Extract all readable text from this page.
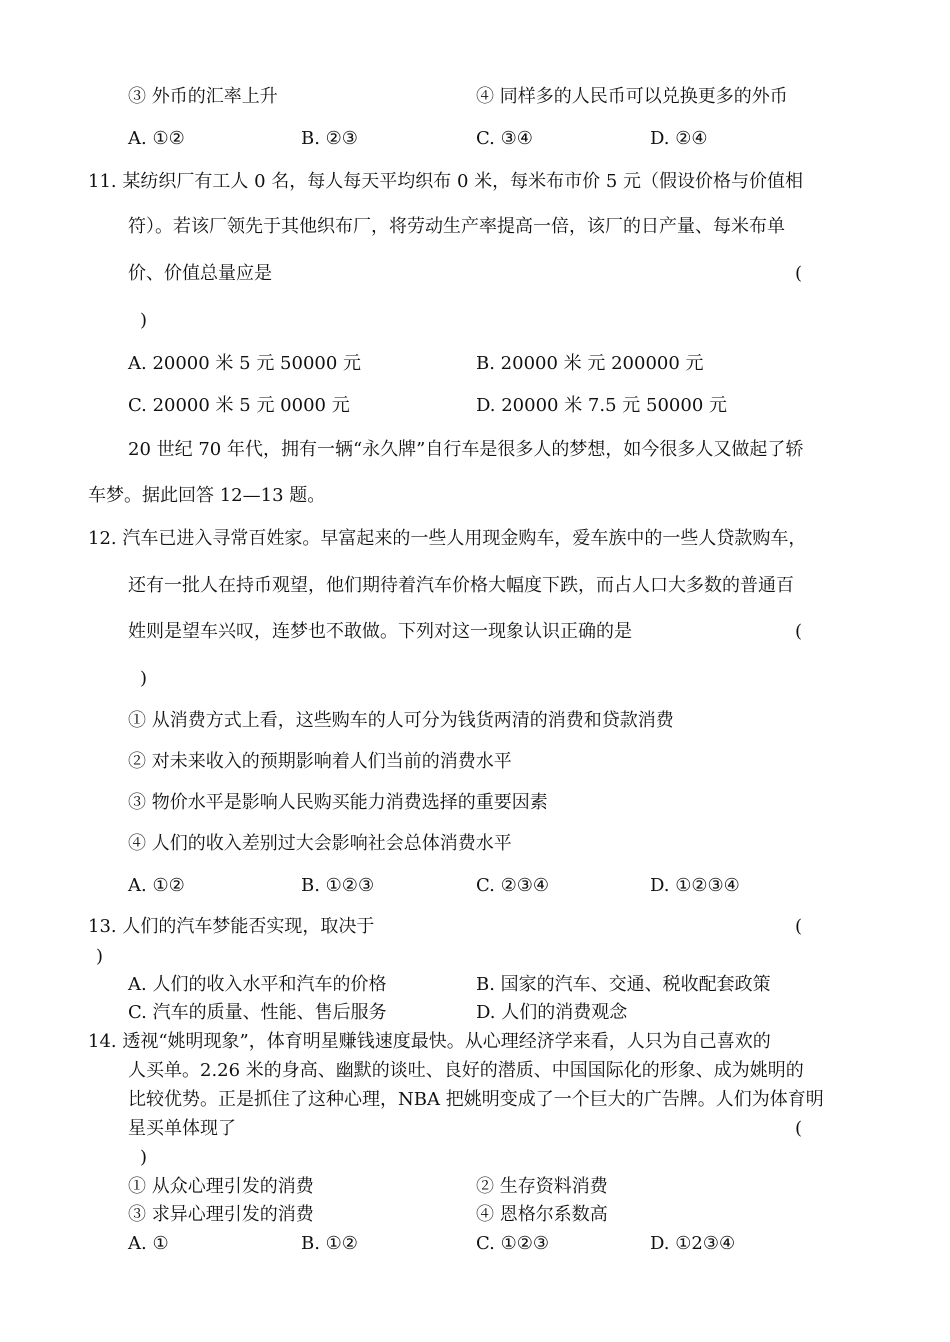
③ 外币的汇率上升	④ 同样多的人民币可以兑换更多的外币
A. ①②	B. ②③	C. ③④	D. ②④
11. 某纺织厂有工人 0 名，每人每天平均织布 0 米，每米布市价 5 元（假设价格与价值相
符）。若该厂领先于其他织布厂，将劳动生产率提高一倍，该厂的日产量、每米布单
价、价值总量应是	(
)
A. 20000 米 5 元 50000 元	B. 20000 米 元 200000 元
C. 20000 米 5 元 0000 元	D. 20000 米 7.5 元 50000 元
20 世纪 70 年代，拥有一辆“永久牌”自行车是很多人的梦想，如今很多人又做起了轿
车梦。据此回答 12—13 题。
12. 汽车已进入寻常百姓家。早富起来的一些人用现金购车，爱车族中的一些人贷款购车，
还有一批人在持币观望，他们期待着汽车价格大幅度下跌，而占人口大多数的普通百
姓则是望车兴叹，连梦也不敢做。下列对这一现象认识正确的是	(
)
① 从消费方式上看，这些购车的人可分为钱货两清的消费和贷款消费
② 对未来收入的预期影响着人们当前的消费水平
③ 物价水平是影响人民购买能力消费选择的重要因素
④ 人们的收入差别过大会影响社会总体消费水平
A. ①②	B. ①②③	C. ②③④	D. ①②③④
13. 人们的汽车梦能否实现，取决于	(
)
A. 人们的收入水平和汽车的价格	B. 国家的汽车、交通、税收配套政策
C. 汽车的质量、性能、售后服务	D. 人们的消费观念
14. 透视“姚明现象”，体育明星赚钱速度最快。从心理经济学来看，人只为自己喜欢的
人买单。2.26 米的身高、幽默的谈吐、良好的潜质、中国国际化的形象、成为姚明的
比较优势。正是抓住了这种心理，NBA 把姚明变成了一个巨大的广告牌。人们为体育明
星买单体现了	(
)
① 从众心理引发的消费	② 生存资料消费
③ 求异心理引发的消费	④ 恩格尔系数高
A. ①	B. ①②	C. ①②③	D. ①2③④
